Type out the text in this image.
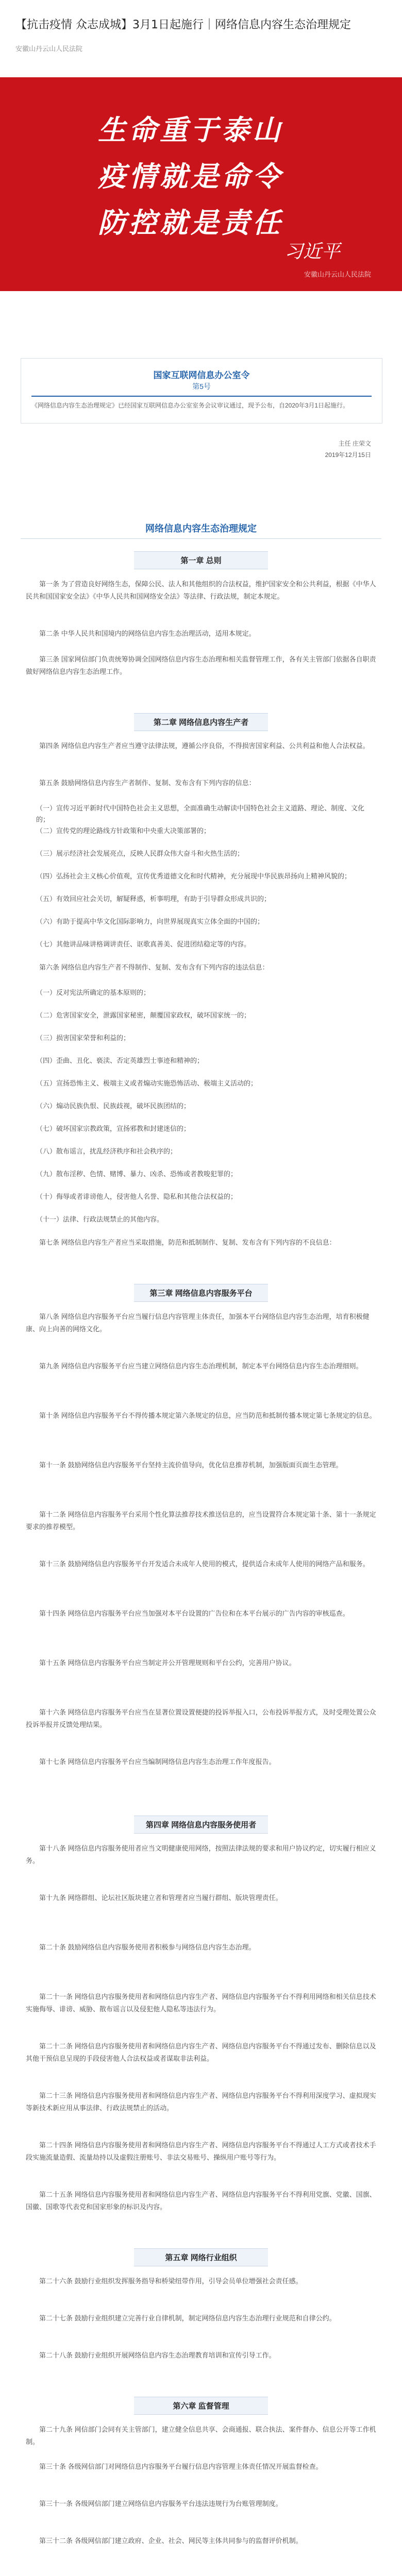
【抗击疫情 众志成城】3月1日起施行｜网络信息内容生态治理规定
安徽山丹云山人民法院
生命重于泰山
疫情就是命令
防控就是责任
习近平
安徽山丹云山人民法院
国家互联网信息办公室令
第5号
《网络信息内容生态治理规定》已经国家互联网信息办公室室务会议审议通过，现予公布，自2020年3月1日起施行。
主任 庄荣文
2019年12月15日
网络信息内容生态治理规定
第一章 总则
第一条 为了营造良好网络生态，保障公民、法人和其他组织的合法权益，维护国家安全和公共利益，根据《中华人民共和国国家安全法》《中华人民共和国网络安全法》等法律、行政法规，制定本规定。
第二条 中华人民共和国境内的网络信息内容生态治理活动，适用本规定。
第三条 国家网信部门负责统筹协调全国网络信息内容生态治理和相关监督管理工作，各有关主管部门依据各自职责做好网络信息内容生态治理工作。
第二章 网络信息内容生产者
第四条 网络信息内容生产者应当遵守法律法规，遵循公序良俗，不得损害国家利益、公共利益和他人合法权益。
第五条 鼓励网络信息内容生产者制作、复制、发布含有下列内容的信息：
（一）宣传习近平新时代中国特色社会主义思想，全面准确生动解读中国特色社会主义道路、理论、制度、文化的；
（二）宣传党的理论路线方针政策和中央重大决策部署的；
（三）展示经济社会发展亮点，反映人民群众伟大奋斗和火热生活的；
（四）弘扬社会主义核心价值观，宣传优秀道德文化和时代精神，充分展现中华民族昂扬向上精神风貌的；
（五）有效回应社会关切，解疑释惑，析事明理，有助于引导群众形成共识的；
（六）有助于提高中华文化国际影响力，向世界展现真实立体全面的中国的；
（七）其他讲品味讲格调讲责任、讴歌真善美、促进团结稳定等的内容。
第六条 网络信息内容生产者不得制作、复制、发布含有下列内容的违法信息：
（一）反对宪法所确定的基本原则的；
（二）危害国家安全，泄露国家秘密，颠覆国家政权，破坏国家统一的；
（三）损害国家荣誉和利益的；
（四）歪曲、丑化、亵渎、否定英雄烈士事迹和精神的；
（五）宣扬恐怖主义、极端主义或者煽动实施恐怖活动、极端主义活动的；
（六）煽动民族仇恨、民族歧视，破坏民族团结的；
（七）破坏国家宗教政策，宣扬邪教和封建迷信的；
（八）散布谣言，扰乱经济秩序和社会秩序的；
（九）散布淫秽、色情、赌博、暴力、凶杀、恐怖或者教唆犯罪的；
（十）侮辱或者诽谤他人，侵害他人名誉、隐私和其他合法权益的；
（十一）法律、行政法规禁止的其他内容。
第七条 网络信息内容生产者应当采取措施，防范和抵制制作、复制、发布含有下列内容的不良信息：
第三章 网络信息内容服务平台
第八条 网络信息内容服务平台应当履行信息内容管理主体责任，加强本平台网络信息内容生态治理，培育积极健康、向上向善的网络文化。
第九条 网络信息内容服务平台应当建立网络信息内容生态治理机制，制定本平台网络信息内容生态治理细则。
第十条 网络信息内容服务平台不得传播本规定第六条规定的信息，应当防范和抵制传播本规定第七条规定的信息。
第十一条 鼓励网络信息内容服务平台坚持主流价值导向，优化信息推荐机制，加强版面页面生态管理。
第十二条 网络信息内容服务平台采用个性化算法推荐技术推送信息的，应当设置符合本规定第十条、第十一条规定要求的推荐模型。
第十三条 鼓励网络信息内容服务平台开发适合未成年人使用的模式，提供适合未成年人使用的网络产品和服务。
第十四条 网络信息内容服务平台应当加强对本平台设置的广告位和在本平台展示的广告内容的审核巡查。
第十五条 网络信息内容服务平台应当制定并公开管理规则和平台公约，完善用户协议。
第十六条 网络信息内容服务平台应当在显著位置设置便捷的投诉举报入口，公布投诉举报方式，及时受理处置公众投诉举报并反馈处理结果。
第十七条 网络信息内容服务平台应当编制网络信息内容生态治理工作年度报告。
第四章 网络信息内容服务使用者
第十八条 网络信息内容服务使用者应当文明健康使用网络，按照法律法规的要求和用户协议约定，切实履行相应义务。
第十九条 网络群组、论坛社区版块建立者和管理者应当履行群组、版块管理责任。
第二十条 鼓励网络信息内容服务使用者积极参与网络信息内容生态治理。
第二十一条 网络信息内容服务使用者和网络信息内容生产者、网络信息内容服务平台不得利用网络和相关信息技术实施侮辱、诽谤、威胁、散布谣言以及侵犯他人隐私等违法行为。
第二十二条 网络信息内容服务使用者和网络信息内容生产者、网络信息内容服务平台不得通过发布、删除信息以及其他干预信息呈现的手段侵害他人合法权益或者谋取非法利益。
第二十三条 网络信息内容服务使用者和网络信息内容生产者、网络信息内容服务平台不得利用深度学习、虚拟现实等新技术新应用从事法律、行政法规禁止的活动。
第二十四条 网络信息内容服务使用者和网络信息内容生产者、网络信息内容服务平台不得通过人工方式或者技术手段实施流量造假、流量劫持以及虚假注册账号、非法交易账号、操纵用户账号等行为。
第二十五条 网络信息内容服务使用者和网络信息内容生产者、网络信息内容服务平台不得利用党旗、党徽、国旗、国徽、国歌等代表党和国家形象的标识及内容。
第五章 网络行业组织
第二十六条 鼓励行业组织发挥服务指导和桥梁纽带作用，引导会员单位增强社会责任感。
第二十七条 鼓励行业组织建立完善行业自律机制，制定网络信息内容生态治理行业规范和自律公约。
第二十八条 鼓励行业组织开展网络信息内容生态治理教育培训和宣传引导工作。
第六章 监督管理
第二十九条 网信部门会同有关主管部门，建立健全信息共享、会商通报、联合执法、案件督办、信息公开等工作机制。
第三十条 各级网信部门对网络信息内容服务平台履行信息内容管理主体责任情况开展监督检查。
第三十一条 各级网信部门建立网络信息内容服务平台违法违规行为台账管理制度。
第三十二条 各级网信部门建立政府、企业、社会、网民等主体共同参与的监督评价机制。
